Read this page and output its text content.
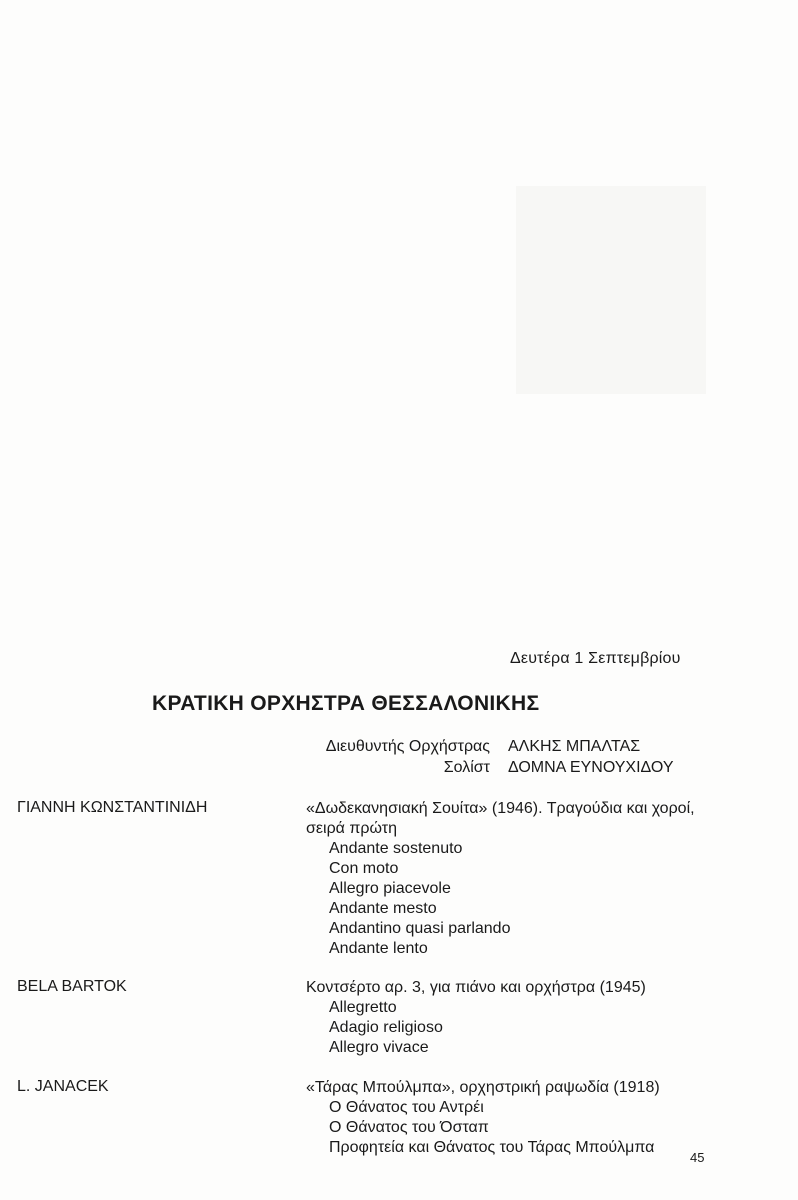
Δευτέρα 1 Σεπτεμβρίου
ΚΡΑΤΙΚΗ ΟΡΧΗΣΤΡΑ ΘΕΣΣΑΛΟΝΙΚΗΣ
Διευθυντής Ορχήστρας ΑΛΚΗΣ ΜΠΑΛΤΑΣ
Σολίστ ΔΟΜΝΑ ΕΥΝΟΥΧΙΔΟΥ
ΓΙΑΝΝΗ ΚΩΝΣΤΑΝΤΙΝΙΔΗ	«Δωδεκανησιακή Σουίτα» (1946). Τραγούδια και χοροί, σειρά πρώτη
Andante sostenuto
Con moto
Allegro piacevole
Andante mesto
Andantino quasi parlando
Andante lento
BELA BARTOK	Κοντσέρτο αρ. 3, για πιάνο και ορχήστρα (1945)
Allegretto
Adagio religioso
Allegro vivace
L. JANACEK	«Τάρας Μπούλμπα», ορχηστρική ραψωδία (1918)
Ο Θάνατος του Αντρέι
Ο Θάνατος του Όσταπ
Προφητεία και Θάνατος του Τάρας Μπούλμπα
45
